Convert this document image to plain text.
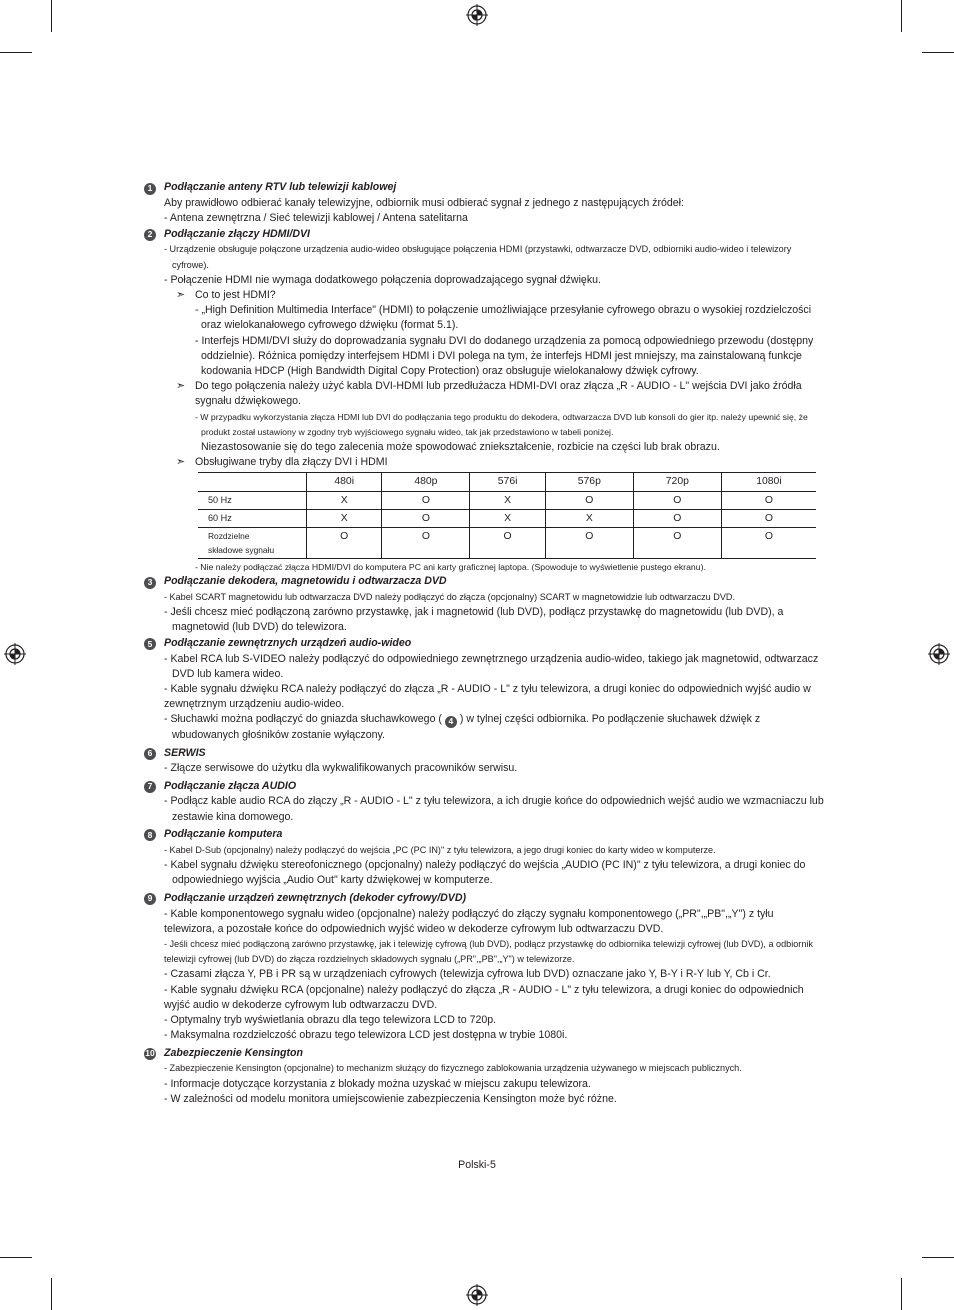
1	Podłączanie anteny RTV lub telewizji kablowej
Aby prawidłowo odbierać kanały telewizyjne, odbiornik musi odbierać sygnał z jednego z następujących źródeł:
- Antena zewnętrzna / Sieć telewizji kablowej / Antena satelitarna
2	Podłączanie złączy HDMI/DVI
- Urządzenie obsługuje połączone urządzenia audio-wideo obsługujące połączenia HDMI (przystawki, odtwarzacze DVD, odbiorniki audio-wideo i telewizory cyfrowe).
- Połączenie HDMI nie wymaga dodatkowego połączenia doprowadzającego sygnał dźwięku.
➣ Co to jest HDMI?
- „High Definition Multimedia Interface" (HDMI) to połączenie umożliwiające przesyłanie cyfrowego obrazu o wysokiej rozdzielczości oraz wielokanałowego cyfrowego dźwięku (format 5.1).
- Interfejs HDMI/DVI służy do doprowadzania sygnału DVI do dodanego urządzenia za pomocą odpowiedniego przewodu (dostępny oddzielnie). Różnica pomiędzy interfejsem HDMI i DVI polega na tym, że interfejs HDMI jest mniejszy, ma zainstalowaną funkcje kodowania HDCP (High Bandwidth Digital Copy Protection) oraz obsługuje wielokanałowy dźwięk cyfrowy.
➣ Do tego połączenia należy użyć kabla DVI-HDMI lub przedłużacza HDMI-DVI oraz złącza „R - AUDIO - L" wejścia DVI jako źródła sygnału dźwiękowego.
- W przypadku wykorzystania złącza HDMI lub DVI do podłączania tego produktu do dekodera, odtwarzacza DVD lub konsoli do gier itp. należy upewnić się, że produkt został ustawiony w zgodny tryb wyjściowego sygnału wideo, tak jak przedstawiono w tabeli poniżej.
Niezastosowanie się do tego zalecenia może spowodować zniekształcenie, rozbicie na części lub brak obrazu.
➣ Obsługiwane tryby dla złączy DVI i HDMI
	480i	480p	576i	576p	720p	1080i
50 Hz	X	O	X	O	O	O
60 Hz	X	O	X	X	O	O
Rozdzielne składowe sygnału	O	O	O	O	O	O
- Nie należy podłączać złącza HDMI/DVI do komputera PC ani karty graficznej laptopa. (Spowoduje to wyświetlenie pustego ekranu).
3	Podłączanie dekodera, magnetowidu i odtwarzacza DVD
- Kabel SCART magnetowidu lub odtwarzacza DVD należy podłączyć do złącza (opcjonalny) SCART w magnetowidzie lub odtwarzaczu DVD.
- Jeśli chcesz mieć podłączoną zarówno przystawkę, jak i magnetowid (lub DVD), podłącz przystawkę do magnetowidu (lub DVD), a magnetowid (lub DVD) do telewizora.
5	Podłączanie zewnętrznych urządzeń audio-wideo
- Kabel RCA lub S-VIDEO należy podłączyć do odpowiedniego zewnętrznego urządzenia audio-wideo, takiego jak magnetowid, odtwarzacz DVD lub kamera wideo.
- Kable sygnału dźwięku RCA należy podłączyć do złącza „R - AUDIO - L" z tyłu telewizora, a drugi koniec do odpowiednich wyjść audio w zewnętrznym urządzeniu audio-wideo.
- Słuchawki można podłączyć do gniazda słuchawkowego ( 4 ) w tylnej części odbiornika. Po podłączenie słuchawek dźwięk z wbudowanych głośników zostanie wyłączony.
6	SERWIS
- Złącze serwisowe do użytku dla wykwalifikowanych pracowników serwisu.
7	Podłączanie złącza AUDIO
- Podłącz kable audio RCA do złączy „R - AUDIO - L" z tyłu telewizora, a ich drugie końce do odpowiednich wejść audio we wzmacniaczu lub zestawie kina domowego.
8	Podłączanie komputera
- Kabel D-Sub (opcjonalny) należy podłączyć do wejścia „PC (PC IN)" z tyłu telewizora, a jego drugi koniec do karty wideo w komputerze.
- Kabel sygnału dźwięku stereofonicznego (opcjonalny) należy podłączyć do wejścia „AUDIO (PC IN)" z tyłu telewizora, a drugi koniec do odpowiedniego wyjścia „Audio Out" karty dźwiękowej w komputerze.
9	Podłączanie urządzeń zewnętrznych (dekoder cyfrowy/DVD)
- Kable komponentowego sygnału wideo (opcjonalne) należy podłączyć do złączy sygnału komponentowego („PR",„PB",„Y") z tyłu telewizora, a pozostałe końce do odpowiednich wyjść wideo w dekoderze cyfrowym lub odtwarzaczu DVD.
- Jeśli chcesz mieć podłączoną zarówno przystawkę, jak i telewizję cyfrową (lub DVD), podłącz przystawkę do odbiornika telewizji cyfrowej (lub DVD), a odbiornik telewizji cyfrowej (lub DVD) do złącza rozdzielnych składowych sygnału („PR",„PB",„Y") w telewizorze.
- Czasami złącza Y, PB i PR są w urządzeniach cyfrowych (telewizja cyfrowa lub DVD) oznaczane jako Y, B-Y i R-Y lub Y, Cb i Cr.
- Kable sygnału dźwięku RCA (opcjonalne) należy podłączyć do złącza „R - AUDIO - L" z tyłu telewizora, a drugi koniec do odpowiednich wyjść audio w dekoderze cyfrowym lub odtwarzaczu DVD.
- Optymalny tryb wyświetlania obrazu dla tego telewizora LCD to 720p.
- Maksymalna rozdzielczość obrazu tego telewizora LCD jest dostępna w trybie 1080i.
10 Zabezpieczenie Kensington
- Zabezpieczenie Kensington (opcjonalne) to mechanizm służący do fizycznego zablokowania urządzenia używanego w miejscach publicznych.
- Informacje dotyczące korzystania z blokady można uzyskać w miejscu zakupu telewizora.
- W zależności od modelu monitora umiejscowienie zabezpieczenia Kensington może być różne.
Polski-5
